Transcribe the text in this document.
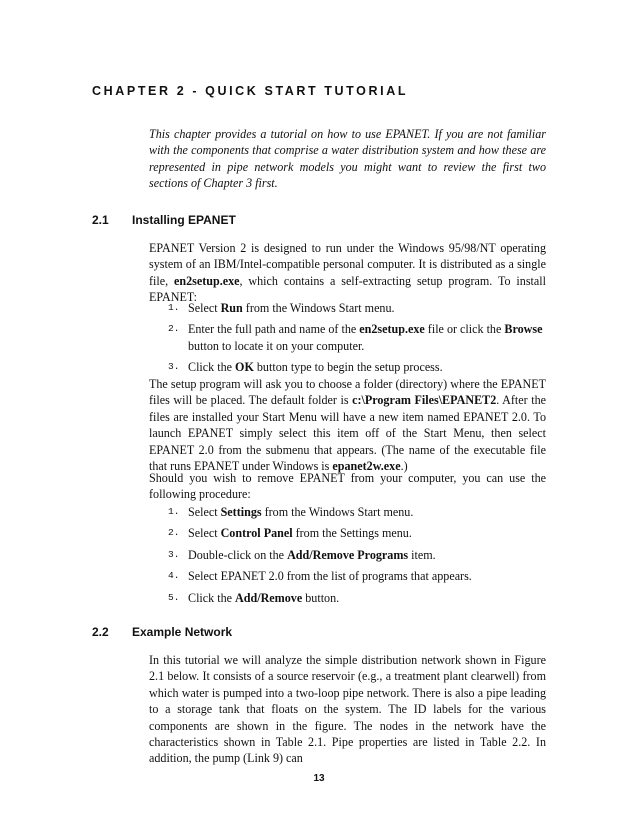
CHAPTER 2 - QUICK START TUTORIAL

This chapter provides a tutorial on how to use EPANET. If you are not familiar with the components that comprise a water distribution system and how these are represented in pipe network models you might want to review the first two sections of Chapter 3 first.

2.1 Installing EPANET

EPANET Version 2 is designed to run under the Windows 95/98/NT operating system of an IBM/Intel-compatible personal computer. It is distributed as a single file, en2setup.exe, which contains a self-extracting setup program. To install EPANET:

1. Select Run from the Windows Start menu.
2. Enter the full path and name of the en2setup.exe file or click the Browse button to locate it on your computer.
3. Click the OK button type to begin the setup process.

The setup program will ask you to choose a folder (directory) where the EPANET files will be placed. The default folder is c:\Program Files\EPANET2. After the files are installed your Start Menu will have a new item named EPANET 2.0. To launch EPANET simply select this item off of the Start Menu, then select EPANET 2.0 from the submenu that appears. (The name of the executable file that runs EPANET under Windows is epanet2w.exe.)

Should you wish to remove EPANET from your computer, you can use the following procedure:

1. Select Settings from the Windows Start menu.
2. Select Control Panel from the Settings menu.
3. Double-click on the Add/Remove Programs item.
4. Select EPANET 2.0 from the list of programs that appears.
5. Click the Add/Remove button.
2.2 Example Network

In this tutorial we will analyze the simple distribution network shown in Figure 2.1 below. It consists of a source reservoir (e.g., a treatment plant clearwell) from which water is pumped into a two-loop pipe network. There is also a pipe leading to a storage tank that floats on the system. The ID labels for the various components are shown in the figure. The nodes in the network have the characteristics shown in Table 2.1. Pipe properties are listed in Table 2.2. In addition, the pump (Link 9) can

13
